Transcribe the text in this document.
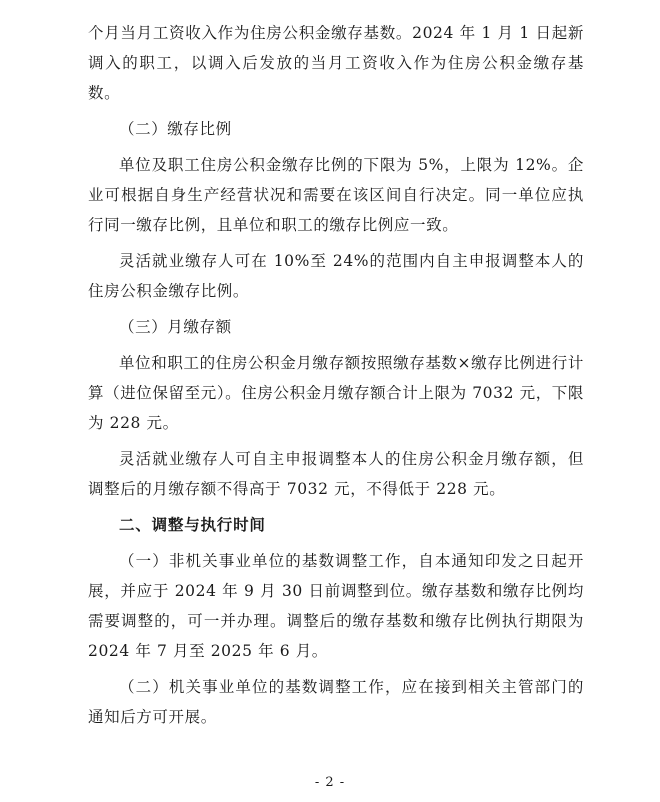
个月当月工资收入作为住房公积金缴存基数。2024 年 1 月 1 日起新调入的职工，以调入后发放的当月工资收入作为住房公积金缴存基数。

（二）缴存比例

单位及职工住房公积金缴存比例的下限为 5%，上限为 12%。企业可根据自身生产经营状况和需要在该区间自行决定。同一单位应执行同一缴存比例，且单位和职工的缴存比例应一致。

灵活就业缴存人可在 10%至 24%的范围内自主申报调整本人的住房公积金缴存比例。

（三）月缴存额

单位和职工的住房公积金月缴存额按照缴存基数×缴存比例进行计算（进位保留至元）。住房公积金月缴存额合计上限为 7032 元，下限为 228 元。

灵活就业缴存人可自主申报调整本人的住房公积金月缴存额，但调整后的月缴存额不得高于 7032 元，不得低于 228 元。

二、调整与执行时间

（一）非机关事业单位的基数调整工作，自本通知印发之日起开展，并应于 2024 年 9 月 30 日前调整到位。缴存基数和缴存比例均需要调整的，可一并办理。调整后的缴存基数和缴存比例执行期限为 2024 年 7 月至 2025 年 6 月。

（二）机关事业单位的基数调整工作，应在接到相关主管部门的通知后方可开展。

- 2 -
